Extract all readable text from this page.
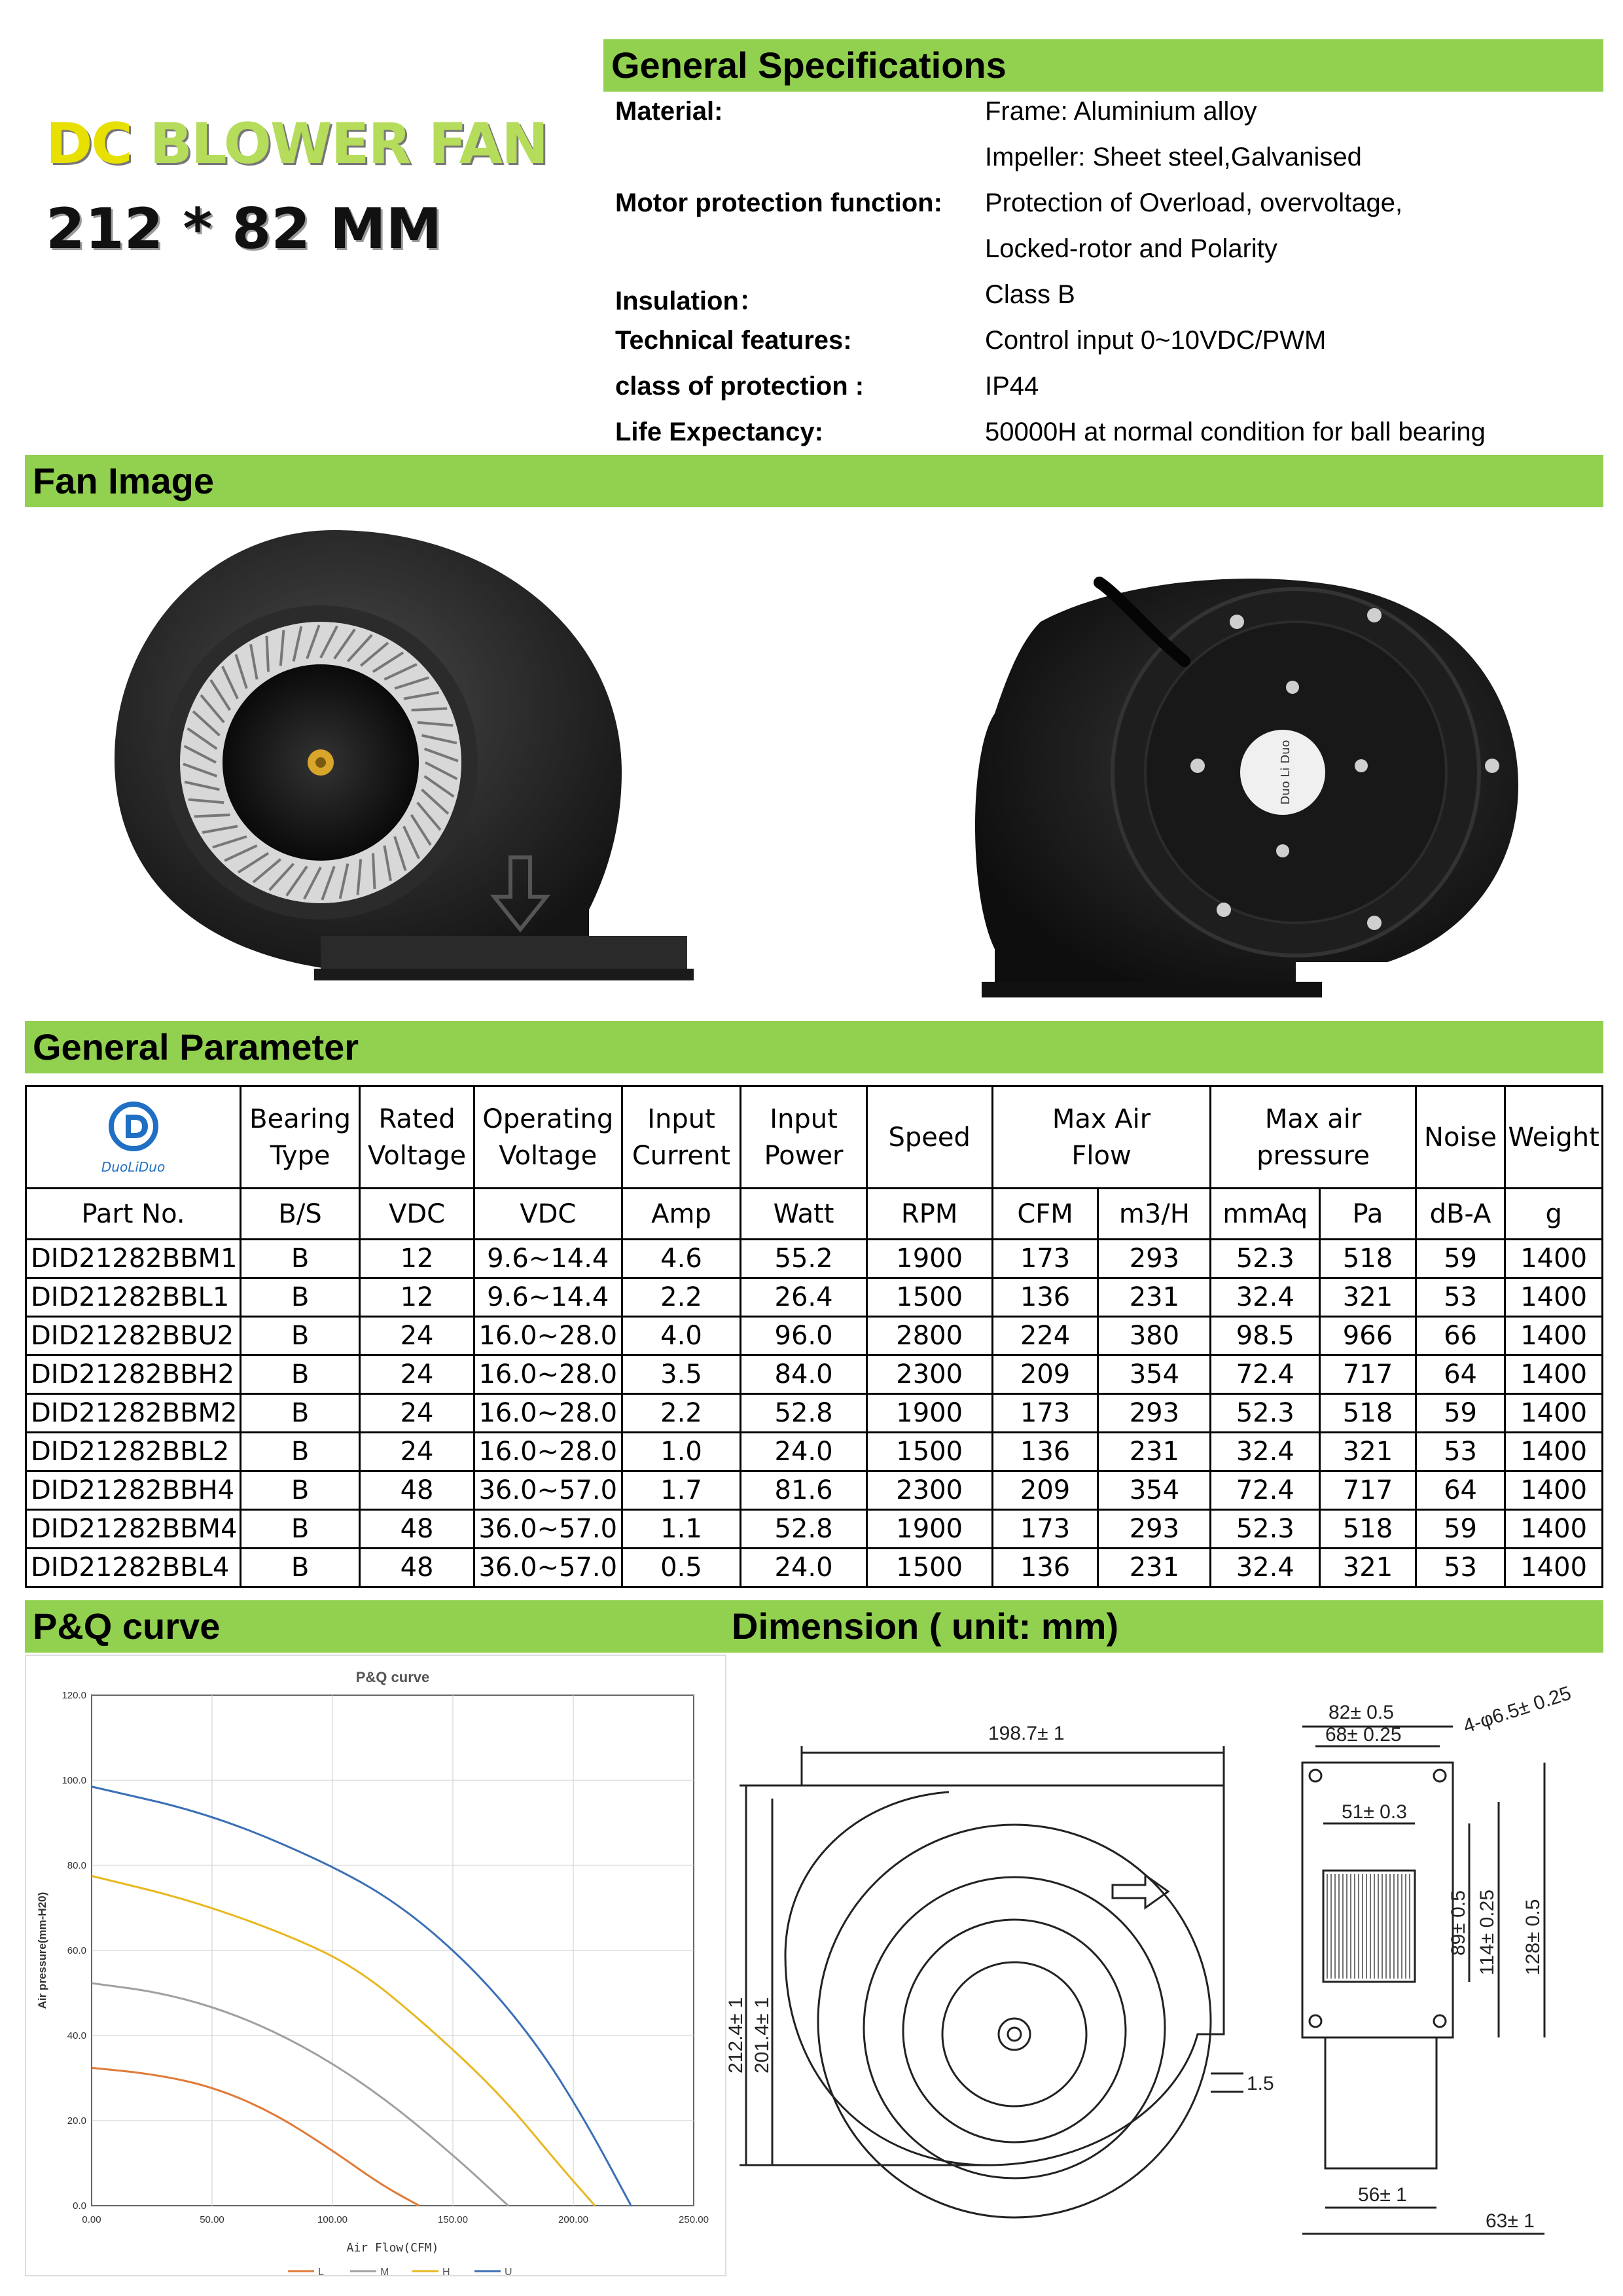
DC BLOWER FAN
212 * 82 MM
General Specifications
Material:	Frame: Aluminium alloy
Impeller: Sheet steel,Galvanised
Motor protection function: Protection of Overload, overvoltage,
Locked-rotor and Polarity
Insulation：	Class B
Technical features:	Control input 0~10VDC/PWM
class of protection :	IP44
Life Expectancy:	50000H at normal condition for ball bearing
Fan Image
Duo Li Duo
General Parameter
DuoLiDuo	Bearing Type	Rated Voltage	Operating Voltage	Input Current	Input Power	Speed	Max Air Flow		Max air pressure		Noise	Weight
Part No.	B/S	VDC	VDC	Amp	Watt	RPM	CFM	m3/H	mmAq	Pa	dB-A	g
DID21282BBM1	B	12	9.6~14.4	4.6	55.2	1900	173	293	52.3	518	59	1400
DID21282BBL1	B	12	9.6~14.4	2.2	26.4	1500	136	231	32.4	321	53	1400
DID21282BBU2	B	24	16.0~28.0	4.0	96.0	2800	224	380	98.5	966	66	1400
DID21282BBH2	B	24	16.0~28.0	3.5	84.0	2300	209	354	72.4	717	64	1400
DID21282BBM2	B	24	16.0~28.0	2.2	52.8	1900	173	293	52.3	518	59	1400
DID21282BBL2	B	24	16.0~28.0	1.0	24.0	1500	136	231	32.4	321	53	1400
DID21282BBH4	B	48	36.0~57.0	1.7	81.6	2300	209	354	72.4	717	64	1400
DID21282BBM4	B	48	36.0~57.0	1.1	52.8	1900	173	293	52.3	518	59	1400
DID21282BBL4	B	48	36.0~57.0	0.5	24.0	1500	136	231	32.4	321	53	1400
P&Q curve	Dimension ( unit: mm)
P&Q curve
0.00	50.00	100.00	150.00	200.00	250.00
0.0
20.0
40.0
60.0
80.0
100.0
120.0
Air Flow(CFM)
Air pressure(mm-H20)
L	M	H	U
198.7± 1
82± 0.5
68± 0.25	4-φ6.5± 0.25
51± 0.3
89± 0.5 114± 0.25 128± 0.5
212.4± 1 201.4± 1
1.5
56± 1
63± 1
